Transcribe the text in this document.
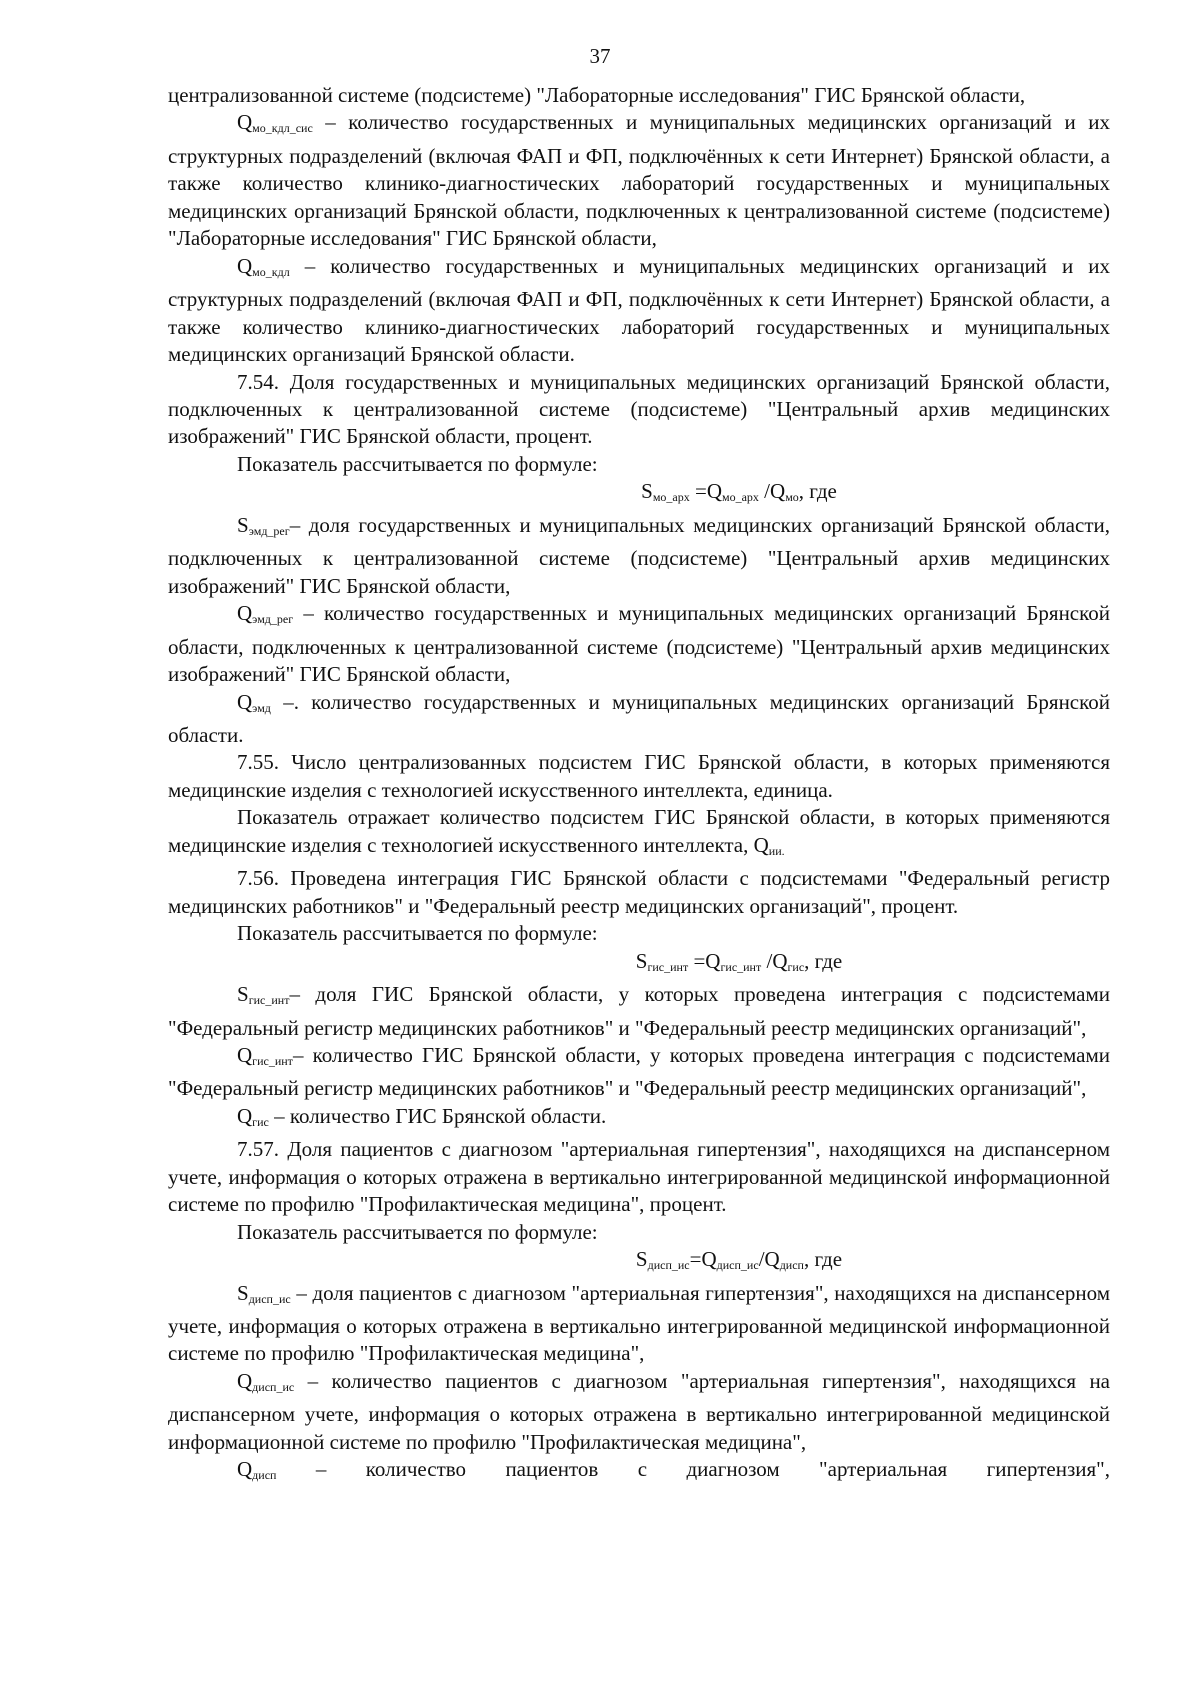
37

централизованной системе (подсистеме) "Лабораторные исследования" ГИС Брянской области,

$Q_{мо\_кдл\_сис}$ – количество государственных и муниципальных медицинских организаций и их структурных подразделений (включая ФАП и ФП, подключённых к сети Интернет) Брянской области, а также количество клинико-диагностических лабораторий государственных и муниципальных медицинских организаций Брянской области, подключенных к централизованной системе (подсистеме) "Лабораторные исследования" ГИС Брянской области,

$Q_{мо\_кдл}$ – количество государственных и муниципальных медицинских организаций и их структурных подразделений (включая ФАП и ФП, подключённых к сети Интернет) Брянской области, а также количество клинико-диагностических лабораторий государственных и муниципальных медицинских организаций Брянской области.

7.54. Доля государственных и муниципальных медицинских организаций Брянской области, подключенных к централизованной системе (подсистеме) "Центральный архив медицинских изображений" ГИС Брянской области, процент.

Показатель рассчитывается по формуле:

$S_{мо\_арх} =Q_{мо\_арх}$ $/Q_{мо}$, где

$S_{эмд\_рег}-$ доля государственных и муниципальных медицинских организаций Брянской области, подключенных к централизованной системе (подсистеме) "Центральный архив медицинских изображений" ГИС Брянской области,

$Q_{эмд\_рег}$ – количество государственных и муниципальных медицинских организаций Брянской области, подключенных к централизованной системе (подсистеме) "Центральный архив медицинских изображений" ГИС Брянской области,

$Q_{эмд}$ –. количество государственных и муниципальных медицинских организаций Брянской области.

7.55. Число централизованных подсистем ГИС Брянской области, в которых применяются медицинские изделия с технологией искусственного интеллекта, единица.

Показатель отражает количество подсистем ГИС Брянской области, в которых применяются медицинские изделия с технологией искусственного интеллекта, $Q_{ии.}$

7.56. Проведена интеграция ГИС Брянской области с подсистемами "Федеральный регистр медицинских работников" и "Федеральный реестр медицинских организаций", процент.

Показатель рассчитывается по формуле:

$S_{гис\_инт} =Q_{гис\_инт}$ $/Q_{гис}$, где

$S_{гис\_инт}-$ доля ГИС Брянской области, у которых проведена интеграция с подсистемами "Федеральный регистр медицинских работников" и "Федеральный реестр медицинских организаций",

$Q_{гис\_инт}-$ количество ГИС Брянской области, у которых проведена интеграция с подсистемами "Федеральный регистр медицинских работников" и "Федеральный реестр медицинских организаций",

$Q_{гис}$ – количество ГИС Брянской области.

7.57. Доля пациентов с диагнозом "артериальная гипертензия", находящихся на диспансерном учете, информация о которых отражена в вертикально интегрированной медицинской информационной системе по профилю "Профилактическая медицина", процент.

Показатель рассчитывается по формуле:

$S_{дисп\_ис}=Q_{дисп\_ис}/Q_{дисп}$, где

$S_{дисп\_ис}$ – доля пациентов с диагнозом "артериальная гипертензия", находящихся на диспансерном учете, информация о которых отражена в вертикально интегрированной медицинской информационной системе по профилю "Профилактическая медицина",

$Q_{дисп\_ис}$ – количество пациентов с диагнозом "артериальная гипертензия", находящихся на диспансерном учете, информация о которых отражена в вертикально интегрированной медицинской информационной системе по профилю "Профилактическая медицина",

$Q_{дисп}$ – количество пациентов с диагнозом "артериальная гипертензия",
